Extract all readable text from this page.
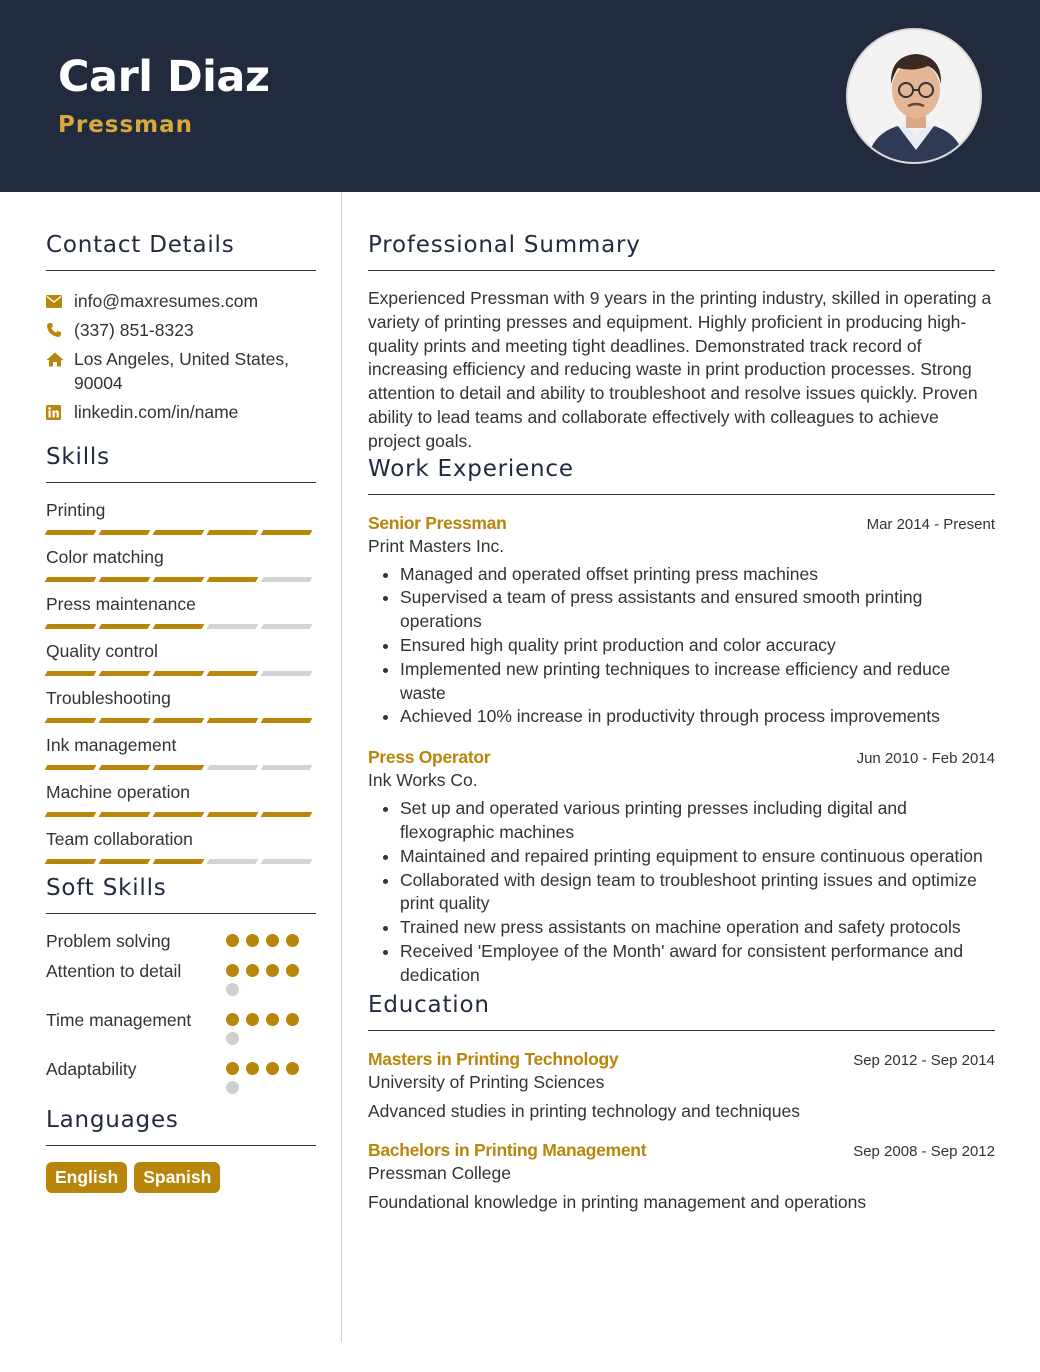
Carl Diaz
Pressman
Contact Details
info@maxresumes.com
(337) 851-8323
Los Angeles, United States, 90004
linkedin.com/in/name
Skills
Printing
Color matching
Press maintenance
Quality control
Troubleshooting
Ink management
Machine operation
Team collaboration
Soft Skills
Problem solving
Attention to detail
Time management
Adaptability
Languages
English	Spanish
Professional Summary
Experienced Pressman with 9 years in the printing industry, skilled in operating a variety of printing presses and equipment. Highly proficient in producing high-quality prints and meeting tight deadlines. Demonstrated track record of increasing efficiency and reducing waste in print production processes. Strong attention to detail and ability to troubleshoot and resolve issues quickly. Proven ability to lead teams and collaborate effectively with colleagues to achieve project goals.
Work Experience
Senior Pressman	Mar 2014 - Present
Print Masters Inc.
• Managed and operated offset printing press machines
• Supervised a team of press assistants and ensured smooth printing operations
• Ensured high quality print production and color accuracy
• Implemented new printing techniques to increase efficiency and reduce waste
• Achieved 10% increase in productivity through process improvements
Press Operator	Jun 2010 - Feb 2014
Ink Works Co.
• Set up and operated various printing presses including digital and flexographic machines
• Maintained and repaired printing equipment to ensure continuous operation
• Collaborated with design team to troubleshoot printing issues and optimize print quality
• Trained new press assistants on machine operation and safety protocols
• Received 'Employee of the Month' award for consistent performance and dedication
Education
Masters in Printing Technology	Sep 2012 - Sep 2014
University of Printing Sciences
Advanced studies in printing technology and techniques
Bachelors in Printing Management	Sep 2008 - Sep 2012
Pressman College
Foundational knowledge in printing management and operations
